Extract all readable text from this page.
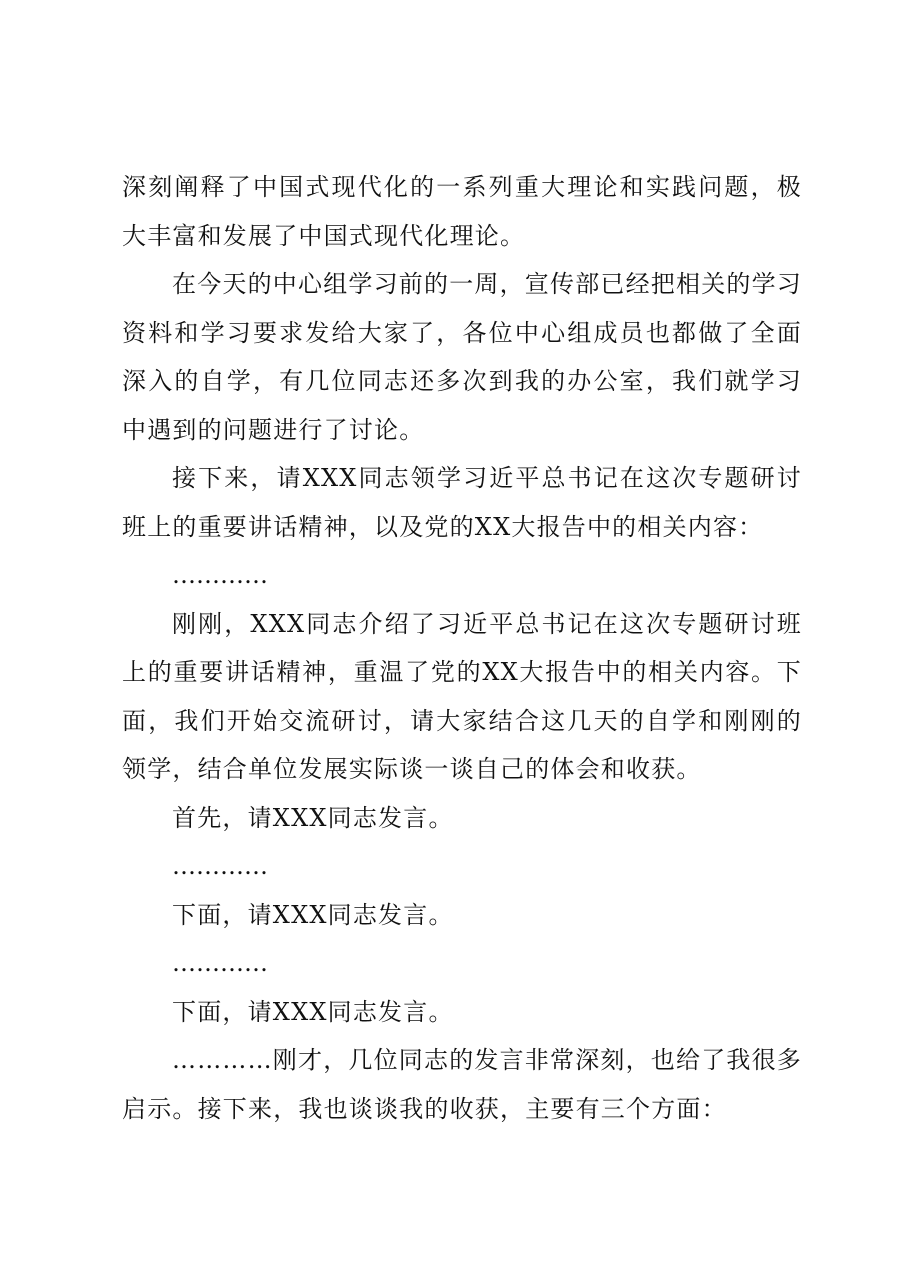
深刻阐释了中国式现代化的一系列重大理论和实践问题，极大丰富和发展了中国式现代化理论。

在今天的中心组学习前的一周，宣传部已经把相关的学习资料和学习要求发给大家了，各位中心组成员也都做了全面深入的自学，有几位同志还多次到我的办公室，我们就学习中遇到的问题进行了讨论。

接下来，请XXX同志领学习近平总书记在这次专题研讨班上的重要讲话精神，以及党的XX大报告中的相关内容：

…………

刚刚，XXX同志介绍了习近平总书记在这次专题研讨班上的重要讲话精神，重温了党的XX大报告中的相关内容。下面，我们开始交流研讨，请大家结合这几天的自学和刚刚的领学，结合单位发展实际谈一谈自己的体会和收获。

首先，请XXX同志发言。

…………

下面，请XXX同志发言。

…………

下面，请XXX同志发言。

…………刚才，几位同志的发言非常深刻，也给了我很多启示。接下来，我也谈谈我的收获，主要有三个方面：
